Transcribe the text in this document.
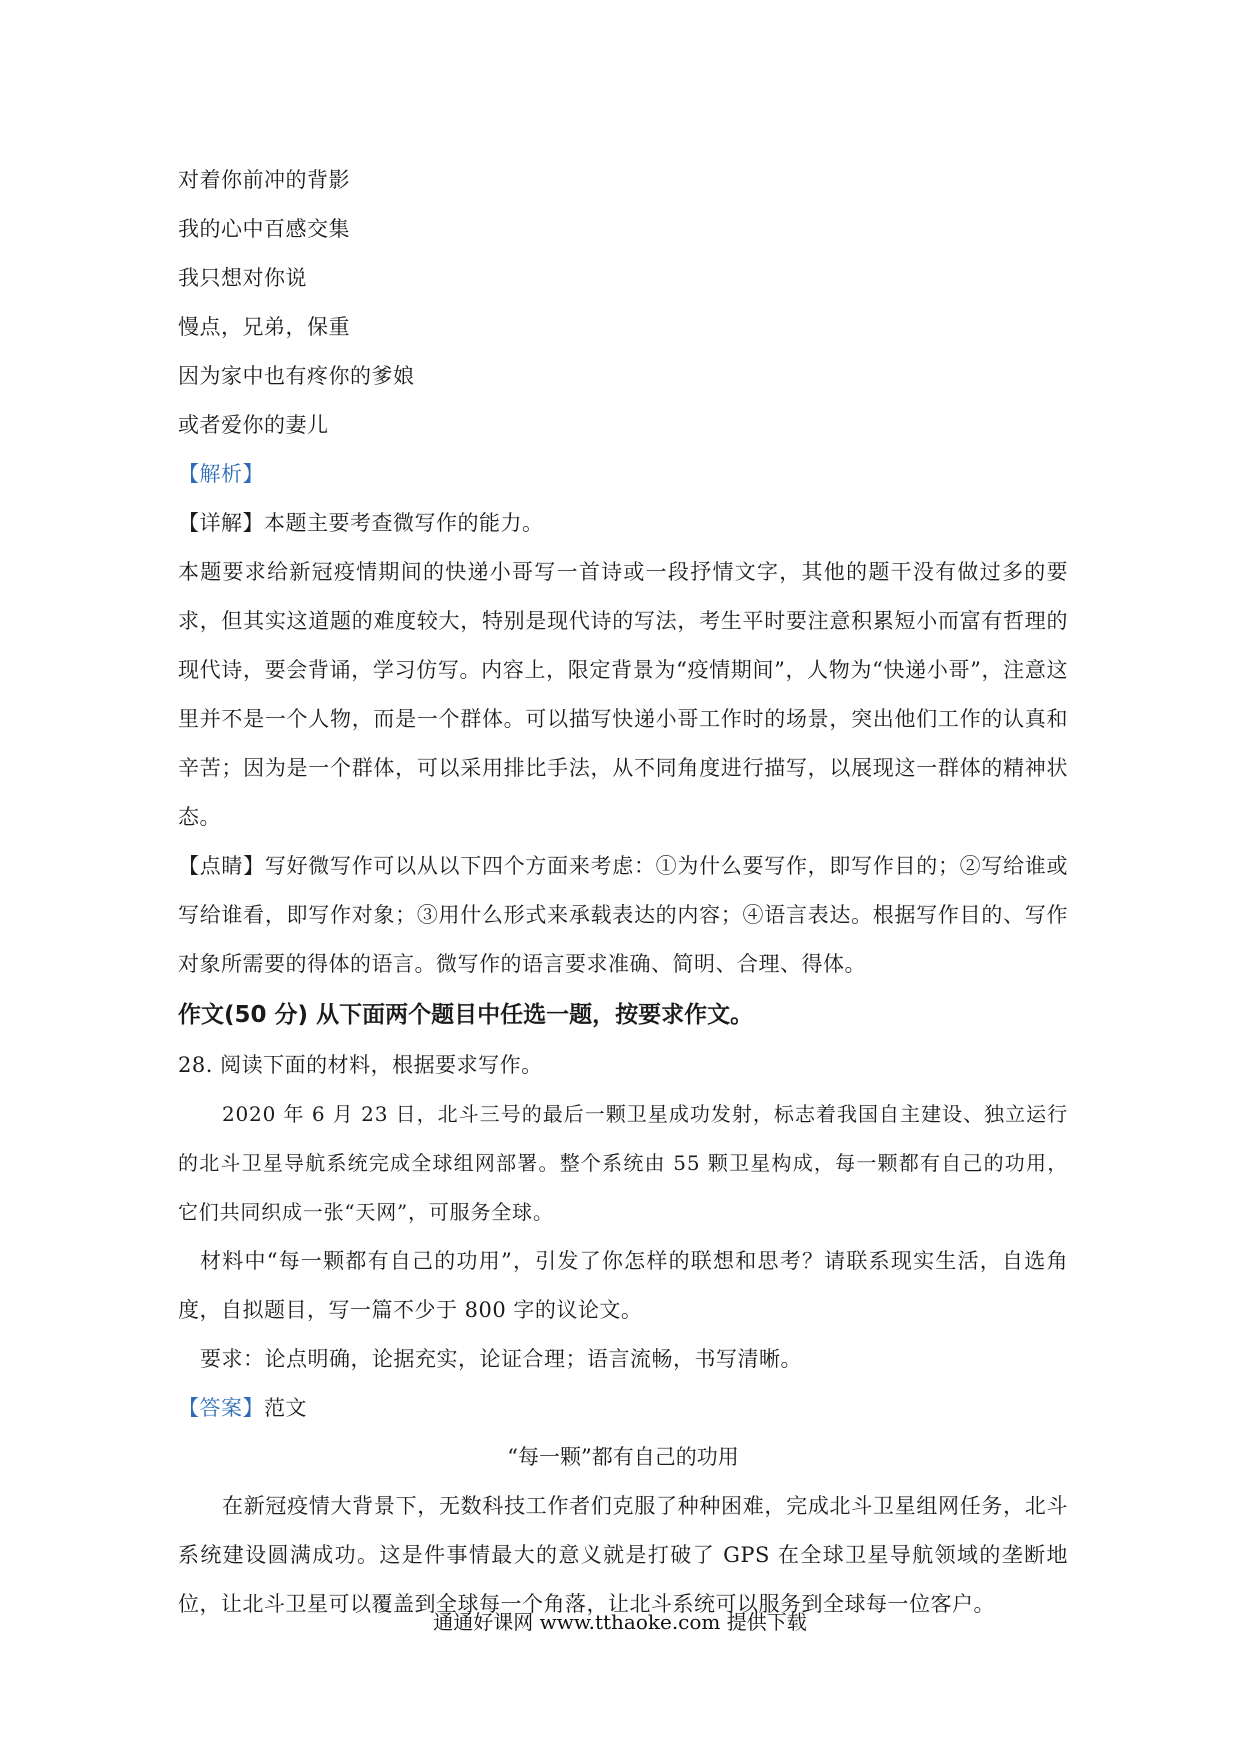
对着你前冲的背影
我的心中百感交集
我只想对你说
慢点，兄弟，保重
因为家中也有疼你的爹娘
或者爱你的妻儿
【解析】
【详解】本题主要考查微写作的能力。
本题要求给新冠疫情期间的快递小哥写一首诗或一段抒情文字，其他的题干没有做过多的要求，但其实这道题的难度较大，特别是现代诗的写法，考生平时要注意积累短小而富有哲理的现代诗，要会背诵，学习仿写。内容上，限定背景为“疫情期间”，人物为“快递小哥”，注意这里并不是一个人物，而是一个群体。可以描写快递小哥工作时的场景，突出他们工作的认真和辛苦；因为是一个群体，可以采用排比手法，从不同角度进行描写，以展现这一群体的精神状态。
【点睛】写好微写作可以从以下四个方面来考虑：①为什么要写作，即写作目的；②写给谁或写给谁看，即写作对象；③用什么形式来承载表达的内容；④语言表达。根据写作目的、写作对象所需要的得体的语言。微写作的语言要求准确、简明、合理、得体。
作文(50 分) 从下面两个题目中任选一题，按要求作文。
28. 阅读下面的材料，根据要求写作。
2020 年 6 月 23 日，北斗三号的最后一颗卫星成功发射，标志着我国自主建设、独立运行的北斗卫星导航系统完成全球组网部署。整个系统由 55 颗卫星构成，每一颗都有自己的功用，它们共同织成一张“天网”，可服务全球。
材料中“每一颗都有自己的功用”，引发了你怎样的联想和思考？请联系现实生活，自选角度，自拟题目，写一篇不少于 800 字的议论文。
要求：论点明确，论据充实，论证合理；语言流畅，书写清晰。
【答案】范文
“每一颗”都有自己的功用
在新冠疫情大背景下，无数科技工作者们克服了种种困难，完成北斗卫星组网任务，北斗系统建设圆满成功。这是件事情最大的意义就是打破了 GPS 在全球卫星导航领域的垄断地位，让北斗卫星可以覆盖到全球每一个角落，让北斗系统可以服务到全球每一位客户。
通通好课网 www.tthaoke.com 提供下载
